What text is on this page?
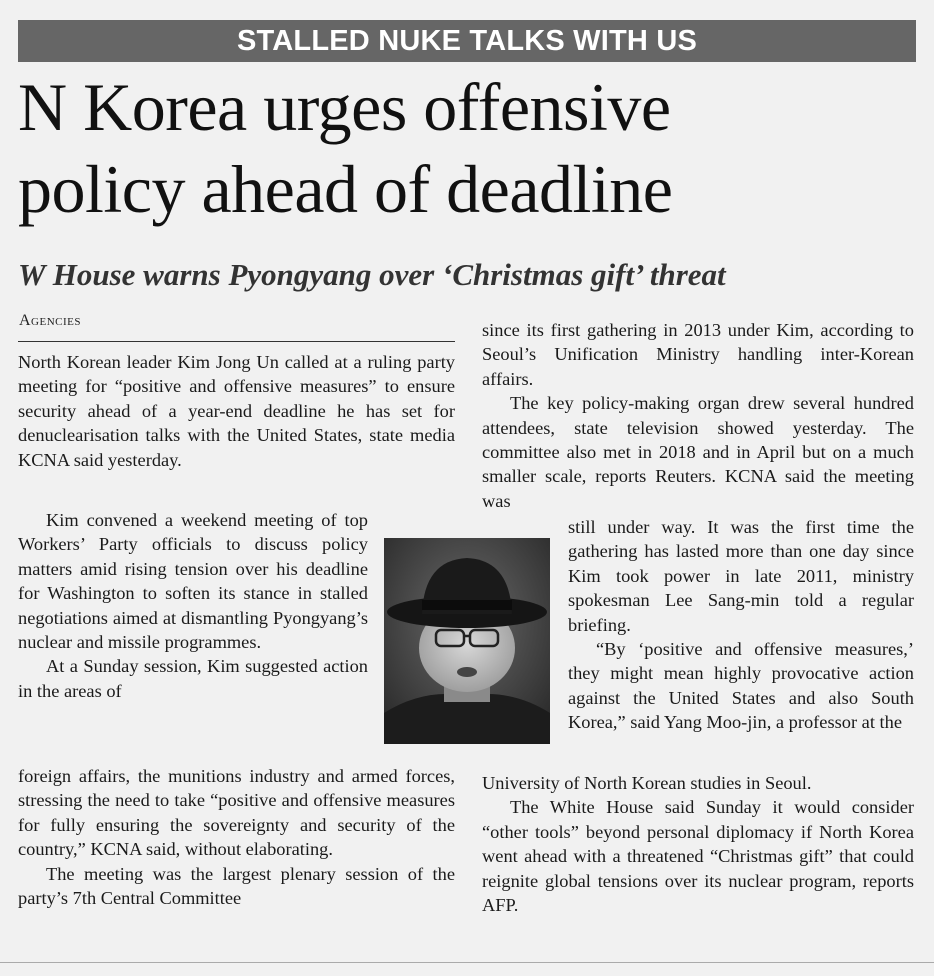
STALLED NUKE TALKS WITH US
N Korea urges offensive
policy ahead of deadline
W House warns Pyongyang over ‘Christmas gift’ threat
Agencies

North Korean leader Kim Jong Un called at a ruling party meeting for “positive and offensive measures” to ensure security ahead of a year-end deadline he has set for denuclearisation talks with the United States, state media KCNA said yesterday.

Kim convened a weekend meeting of top Workers’ Party officials to discuss policy matters amid rising tension over his deadline for Washington to soften its stance in stalled negotiations aimed at dismantling Pyongyang’s nuclear and missile programmes.

At a Sunday session, Kim suggested action in the areas of

foreign affairs, the munitions industry and armed forces, stressing the need to take “positive and offensive measures for fully ensuring the sovereignty and security of the country,” KCNA said, without elaborating.

The meeting was the largest plenary session of the party’s 7th Central Committee

since its first gathering in 2013 under Kim, according to Seoul’s Unification Ministry handling inter-Korean affairs.

The key policy-making organ drew several hundred attendees, state television showed yesterday. The committee also met in 2018 and in April but on a much smaller scale, reports Reuters. KCNA said the meeting was

still under way. It was the first time the gathering has lasted more than one day since Kim took power in late 2011, ministry spokesman Lee Sang-min told a regular briefing.

“By ‘positive and offensive measures,’ they might mean highly provocative action against the United States and also South Korea,” said Yang Moo-jin, a professor at the

University of North Korean studies in Seoul.

The White House said Sunday it would consider “other tools” beyond personal diplomacy if North Korea went ahead with a threatened “Christmas gift” that could reignite global tensions over its nuclear program, reports AFP.
